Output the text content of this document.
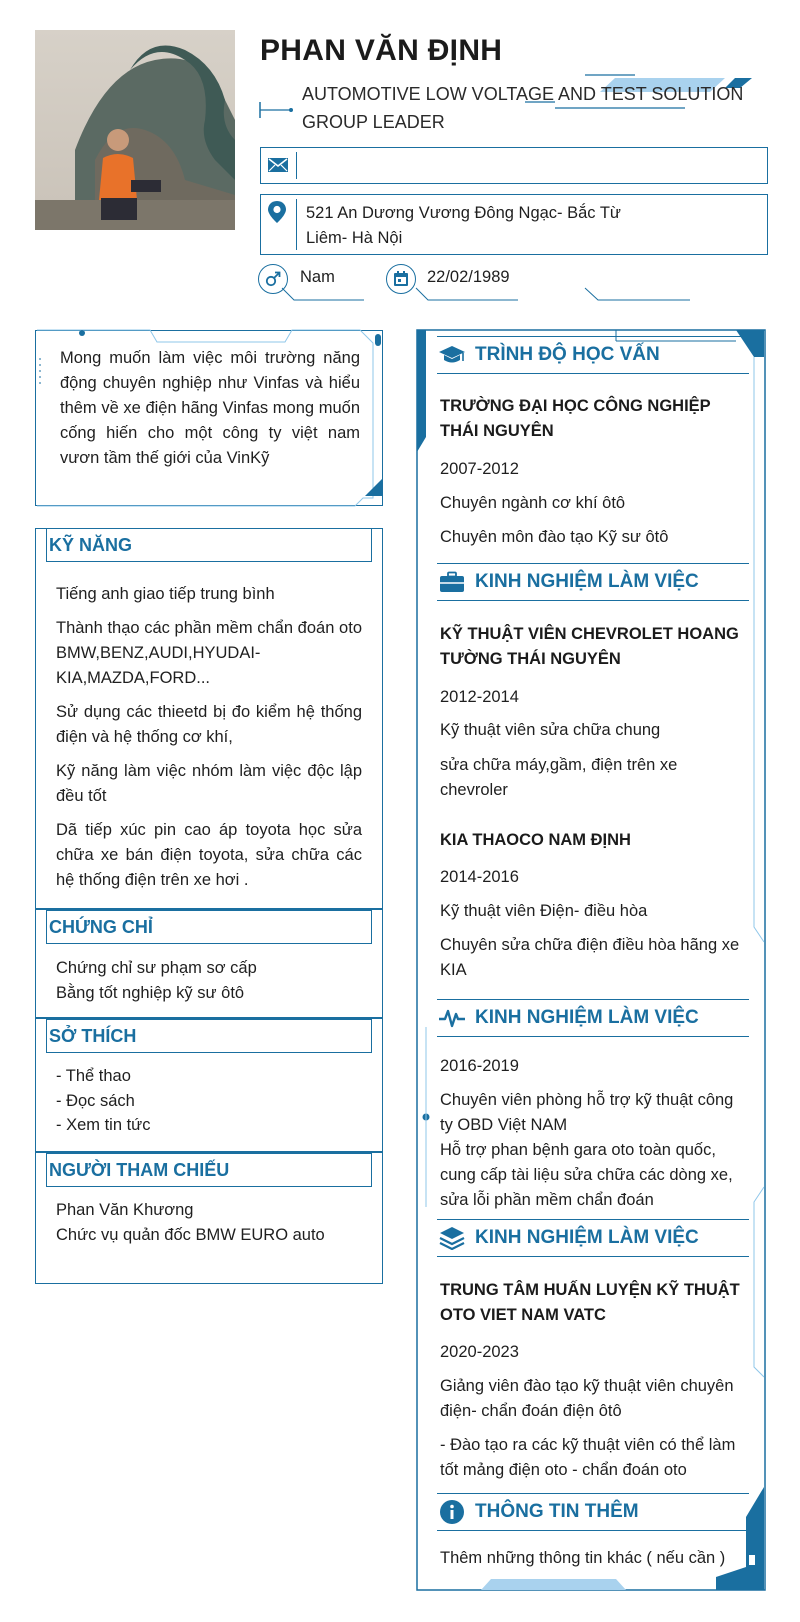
PHAN VĂN ĐỊNH
AUTOMOTIVE LOW VOLTAGE AND TEST SOLUTION GROUP LEADER
521 An Dương Vương Đông Ngạc- Bắc Từ Liêm- Hà Nội
Nam	22/02/1989
Mong muốn làm việc môi trường năng động chuyên nghiệp như Vinfas và hiểu thêm về xe điện hãng Vinfas mong muốn cống hiến cho một công ty việt nam vươn tầm thế giới của VinKỹ
KỸ NĂNG

Tiếng anh giao tiếp trung bình

Thành thạo các phần mềm chẩn đoán oto BMW,BENZ,AUDI,HYUDAI-KIA,MAZDA,FORD...

Sử dụng các thieetd bị đo kiểm hệ thống điện và hệ thống cơ khí,

Kỹ năng làm việc nhóm làm việc độc lập đều tốt

Dã tiếp xúc pin cao áp toyota học sửa chữa xe bán điện toyota, sửa chữa các hệ thống điện trên xe hơi .

CHỨNG CHỈ
Chứng chỉ sư phạm sơ cấp
Bằng tốt nghiệp kỹ sư ôtô
SỞ THÍCH
- Thể thao
- Đọc sách
- Xem tin tức
NGƯỜI THAM CHIẾU
Phan Văn Khương
Chức vụ quản đốc BMW EURO auto
TRÌNH ĐỘ HỌC VẤN
TRƯỜNG ĐẠI HỌC CÔNG NGHIỆP THÁI NGUYÊN
2007-2012
Chuyên ngành cơ khí ôtô
Chuyên môn đào tạo Kỹ sư ôtô
KINH NGHIỆM LÀM VIỆC
KỸ THUẬT VIÊN CHEVROLET HOANG TƯỜNG THÁI NGUYÊN
2012-2014
Kỹ thuật viên sửa chữa chung
sửa chữa máy,gầm, điện trên xe chevroler
KIA THAOCO NAM ĐỊNH
2014-2016
Kỹ thuật viên Điện- điều hòa
Chuyên sửa chữa điện điều hòa hãng xe KIA
KINH NGHIỆM LÀM VIỆC
2016-2019
Chuyên viên phòng hỗ trợ kỹ thuật công ty OBD Việt NAM
Hỗ trợ phan bệnh gara oto toàn quốc, cung cấp tài liệu sửa chữa các dòng xe, sửa lỗi phần mềm chẩn đoán
KINH NGHIỆM LÀM VIỆC
TRUNG TÂM HUẤN LUYỆN KỸ THUẬT OTO VIET NAM VATC
2020-2023
Giảng viên đào tạo kỹ thuật viên chuyên điện- chẩn đoán điện ôtô
- Đào tạo ra các kỹ thuật viên có thể làm tốt mảng điện oto - chẩn đoán oto
THÔNG TIN THÊM
Thêm những thông tin khác ( nếu cần )
